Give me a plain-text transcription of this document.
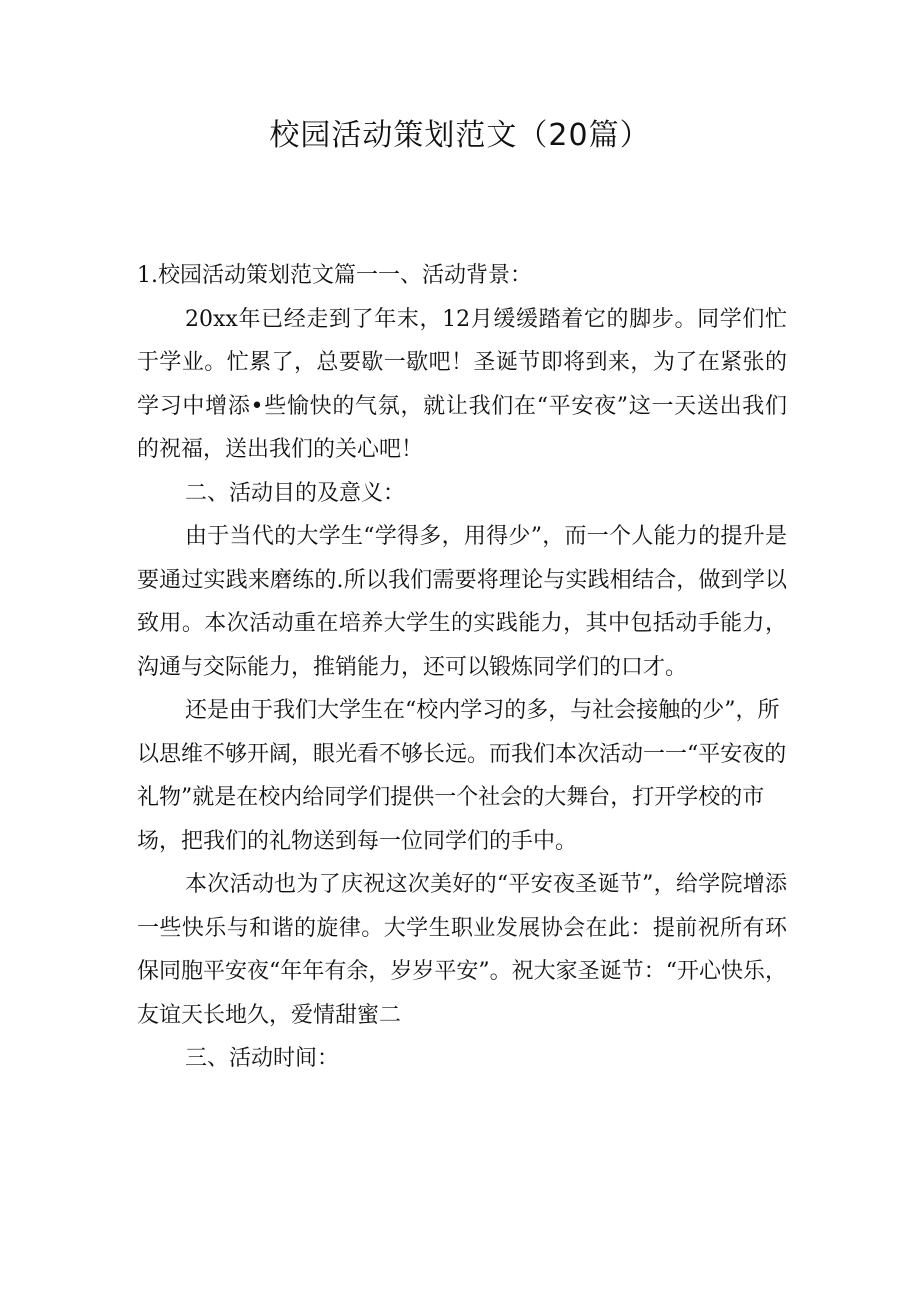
校园活动策划范文（20篇）

1.校园活动策划范文篇一一、活动背景：

20xx年已经走到了年末，12月缓缓踏着它的脚步。同学们忙于学业。忙累了，总要歇一歇吧！圣诞节即将到来，为了在紧张的学习中增添•些愉快的气氛，就让我们在“平安夜”这一天送出我们的祝福，送出我们的关心吧！

二、活动目的及意义：

由于当代的大学生“学得多，用得少”，而一个人能力的提升是要通过实践来磨练的.所以我们需要将理论与实践相结合，做到学以致用。本次活动重在培养大学生的实践能力，其中包括动手能力，沟通与交际能力，推销能力，还可以锻炼同学们的口才。

还是由于我们大学生在“校内学习的多，与社会接触的少”，所以思维不够开阔，眼光看不够长远。而我们本次活动一一“平安夜的礼物”就是在校内给同学们提供一个社会的大舞台，打开学校的市场，把我们的礼物送到每一位同学们的手中。

本次活动也为了庆祝这次美好的“平安夜圣诞节”，给学院增添一些快乐与和谐的旋律。大学生职业发展协会在此：提前祝所有环保同胞平安夜“年年有余，岁岁平安”。祝大家圣诞节：“开心快乐，友谊天长地久，爱情甜蜜二

三、活动时间：
